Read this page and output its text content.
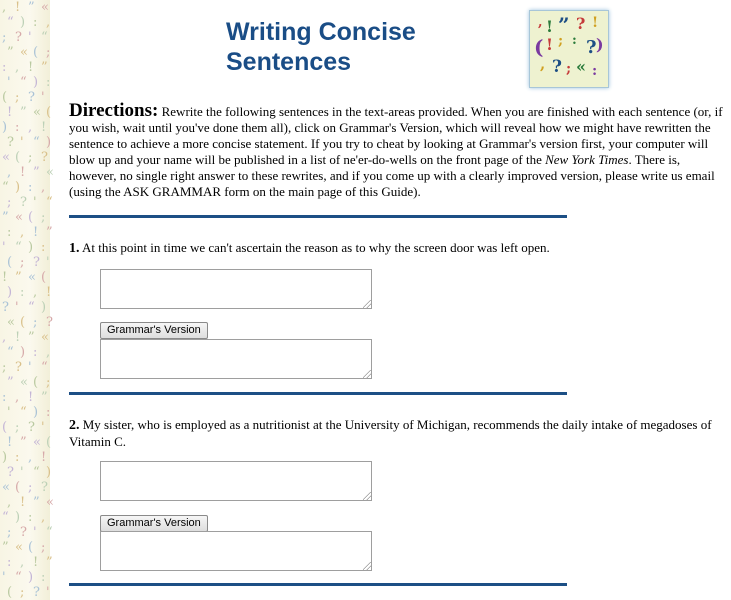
, ! ” «
“ ) : ,
; ? ' “
” « ( ;
: , ! ”
' “ ) :
( ; ? '
! ” « (
) : , !
? ' “ )
« ( ; ?
, ! ” «
“ ) : ,
; ? ' “
” « ( ;
: , ! ”
' “ ) :
( ; ? '
! ” « (
) : , !
? ' “ )
« ( ; ?
, ! ” «
“ ) : ,
; ? ' “
” « ( ;
: , ! ”
' “ ) :
( ; ? '
! ” « (
) : , !
? ' “ )
« ( ; ?
, ! ” «
“ ) : ,
; ? ' “
” « ( ;
: , ! ”
' “ ) :
( ; ? '
Writing Concise Sentences
, ! ” ? !
( ! ; : ? )
, ? ; « :
Directions: Rewrite the following sentences in the text-areas provided. When you are finished with each sentence (or, if you wish, wait until you've done them all), click on Grammar's Version, which will reveal how we might have rewritten the sentence to achieve a more concise statement. If you try to cheat by looking at Grammar's version first, your computer will blow up and your name will be published in a list of ne'er-do-wells on the front page of the New York Times. There is, however, no single right answer to these rewrites, and if you come up with a clearly improved version, please write us email (using the ASK GRAMMAR form on the main page of this Guide).
1. At this point in time we can't ascertain the reason as to why the screen door was left open.
Grammar's Version
2. My sister, who is employed as a nutritionist at the University of Michigan, recommends the daily intake of megadoses of Vitamin C.
Grammar's Version
